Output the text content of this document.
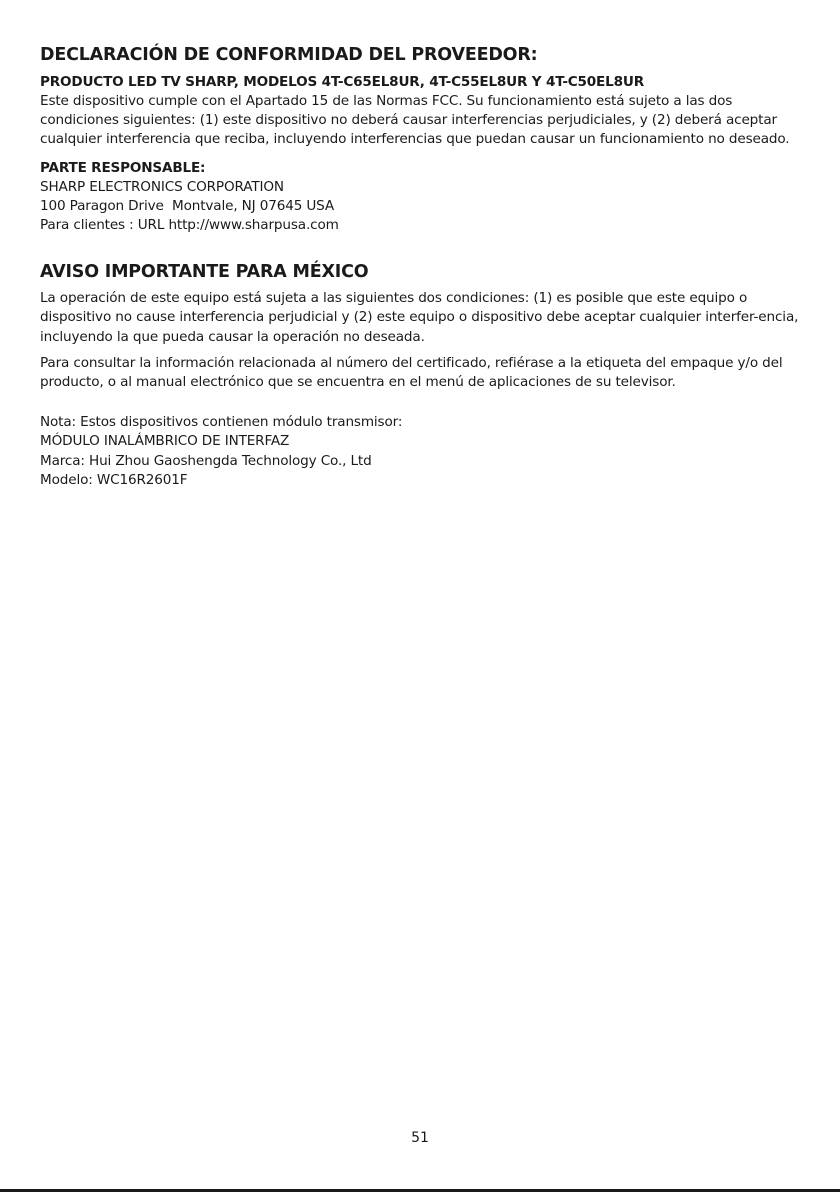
DECLARACIÓN DE CONFORMIDAD DEL PROVEEDOR:
PRODUCTO LED TV SHARP, MODELOS 4T-C65EL8UR, 4T-C55EL8UR Y 4T-C50EL8UR

Este dispositivo cumple con el Apartado 15 de las Normas FCC. Su funcionamiento está sujeto a las dos condiciones siguientes: (1) este dispositivo no deberá causar interferencias perjudiciales, y (2) deberá aceptar cualquier interferencia que reciba, incluyendo interferencias que puedan causar un funcionamiento no deseado.

PARTE RESPONSABLE:
SHARP ELECTRONICS CORPORATION
100 Paragon Drive  Montvale, NJ 07645 USA
Para clientes : URL http://www.sharpusa.com
AVISO IMPORTANTE PARA MÉXICO

La operación de este equipo está sujeta a las siguientes dos condiciones: (1) es posible que este equipo o dispositivo no cause interferencia perjudicial y (2) este equipo o dispositivo debe aceptar cualquier interfer-encia, incluyendo la que pueda causar la operación no deseada.

Para consultar la información relacionada al número del certificado, refiérase a la etiqueta del empaque y/o del producto, o al manual electrónico que se encuentra en el menú de aplicaciones de su televisor.

Nota: Estos dispositivos contienen módulo transmisor:
MÓDULO INALÁMBRICO DE INTERFAZ
Marca: Hui Zhou Gaoshengda Technology Co., Ltd
Modelo: WC16R2601F
51
